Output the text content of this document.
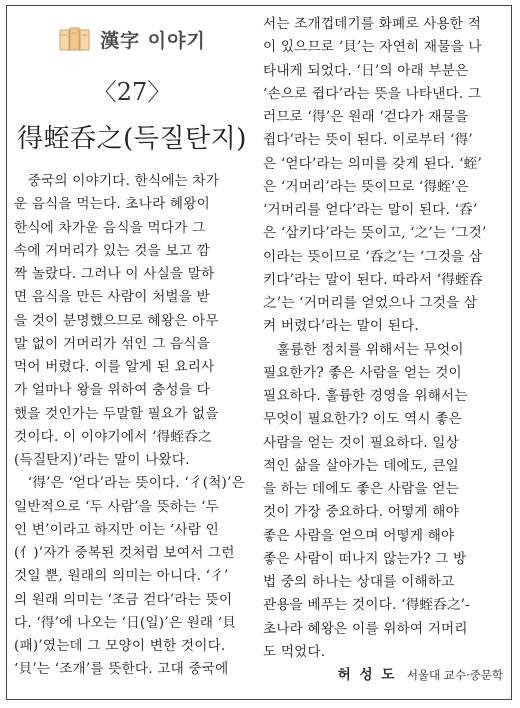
漢字 이야기
〈27〉
得蛭呑之(득질탄지)
　중국의 이야기다. 한식에는 차가
운 음식을 먹는다. 초나라 혜왕이
한식에 차가운 음식을 먹다가 그
속에 거머리가 있는 것을 보고 깜
짝 놀랐다. 그러나 이 사실을 말하
면 음식을 만든 사람이 처벌을 받
을 것이 분명했으므로 혜왕은 아무
말 없이 거머리가 섞인 그 음식을
먹어 버렸다. 이를 알게 된 요리사
가 얼마나 왕을 위하여 충성을 다
했을 것인가는 두말할 필요가 없을
것이다. 이 이야기에서 ‘得蛭呑之
(득질탄지)’라는 말이 나왔다.
　‘得’은 ‘얻다’라는 뜻이다. ‘彳(척)’은
일반적으로 ‘두 사람’을 뜻하는 ‘두
인 변’이라고 하지만 이는 ‘사람 인
(亻)’자가 중복된 것처럼 보여서 그런
것일 뿐, 원래의 의미는 아니다. ‘彳’
의 원래 의미는 ‘조금 걷다’라는 뜻이
다. ‘得’에 나오는 ‘日(일)’은 원래 ‘貝
(패)’였는데 그 모양이 변한 것이다.
‘貝’는 ‘조개’를 뜻한다. 고대 중국에
서는 조개껍데기를 화폐로 사용한 적
이 있으므로 ‘貝’는 자연히 재물을 나
타내게 되었다. ‘日’의 아래 부분은
‘손으로 쥡다’라는 뜻을 나타낸다. 그
러므로 ‘得’은 원래 ‘걷다가 재물을
쥡다’라는 뜻이 된다. 이로부터 ‘得’
은 ‘얻다’라는 의미를 갖게 된다. ‘蛭’
은 ‘거머리’라는 뜻이므로 ‘得蛭’은
‘거머리를 얻다’라는 말이 된다. ‘呑’
은 ‘삼키다’라는 뜻이고, ‘之’는 ‘그것’
이라는 뜻이므로 ‘呑之’는 ‘그것을 삼
키다’라는 말이 된다. 따라서 ‘得蛭呑
之’는 ‘거머리를 얻었으나 그것을 삼
켜 버렸다’라는 말이 된다.
　훌륭한 정치를 위해서는 무엇이
필요한가? 좋은 사람을 얻는 것이
필요하다. 훌륭한 경영을 위해서는
무엇이 필요한가? 이도 역시 좋은
사람을 얻는 것이 필요하다. 일상
적인 삶을 살아가는 데에도, 큰일
을 하는 데에도 좋은 사람을 얻는
것이 가장 중요하다. 어떻게 해야
좋은 사람을 얻으며 어떻게 해야
좋은 사람이 떠나지 않는가? 그 방
법 중의 하나는 상대를 이해하고
관용을 베푸는 것이다. ‘得蛭呑之’-
초나라 혜왕은 이를 위하여 거머리
도 먹었다.
허 성 도 서울대 교수·중문학
